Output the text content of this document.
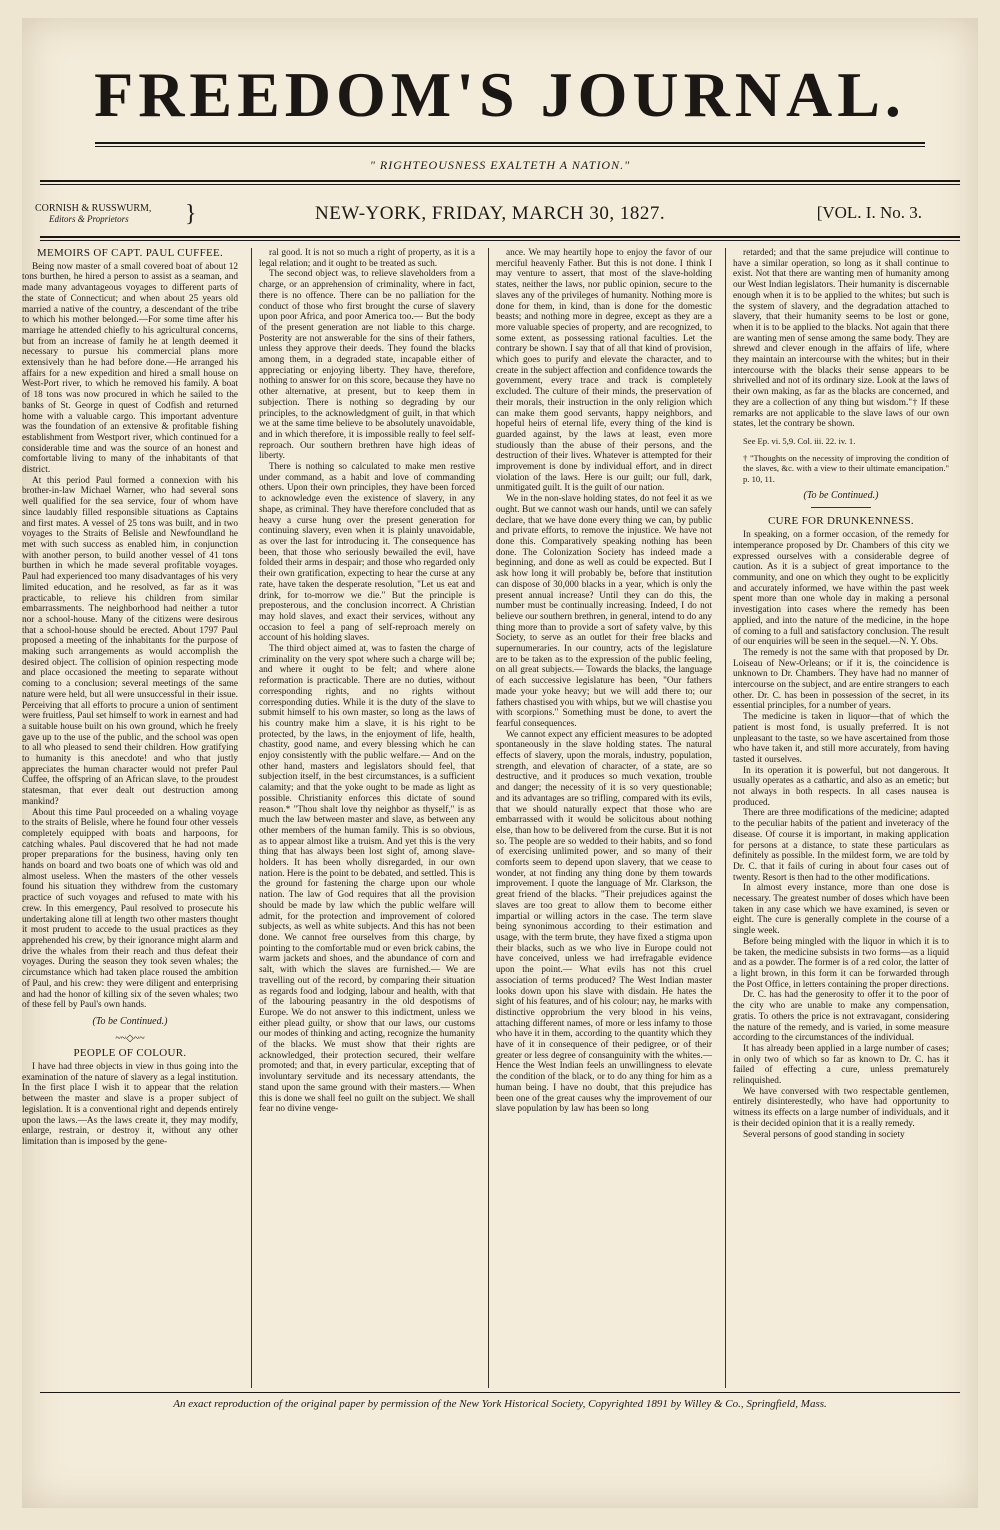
FREEDOM'S JOURNAL.
" RIGHTEOUSNESS EXALTETH A NATION."
CORNISH & RUSSWURM,
Editors & Proprietors	}	NEW-YORK, FRIDAY, MARCH 30, 1827.	[VOL. I. No. 3.
MEMOIRS OF CAPT. PAUL CUFFEE.

Being now master of a small covered boat of about 12 tons burthen, he hired a person to assist as a seaman, and made many advantageous voyages to different parts of the state of Connecticut; and when about 25 years old married a native of the country, a descendant of the tribe to which his mother belonged.—For some time after his marriage he attended chiefly to his agricultural concerns, but from an increase of family he at length deemed it necessary to pursue his commercial plans more extensively than he had before done.—He arranged his affairs for a new expedition and hired a small house on West-Port river, to which he removed his family. A boat of 18 tons was now procured in which he sailed to the banks of St. George in quest of Codfish and returned home with a valuable cargo. This important adventure was the foundation of an extensive & profitable fishing establishment from Westport river, which continued for a considerable time and was the source of an honest and comfortable living to many of the inhabitants of that district.

At this period Paul formed a connexion with his brother-in-law Michael Warner, who had several sons well qualified for the sea service, four of whom have since laudably filled responsible situations as Captains and first mates. A vessel of 25 tons was built, and in two voyages to the Straits of Belisle and Newfoundland he met with such success as enabled him, in conjunction with another person, to build another vessel of 41 tons burthen in which he made several profitable voyages. Paul had experienced too many disadvantages of his very limited education, and he resolved, as far as it was practicable, to relieve his children from similar embarrassments. The neighborhood had neither a tutor nor a school-house. Many of the citizens were desirous that a school-house should be erected. About 1797 Paul proposed a meeting of the inhabitants for the purpose of making such arrangements as would accomplish the desired object. The collision of opinion respecting mode and place occasioned the meeting to separate without coming to a conclusion; several meetings of the same nature were held, but all were unsuccessful in their issue. Perceiving that all efforts to procure a union of sentiment were fruitless, Paul set himself to work in earnest and had a suitable house built on his own ground, which he freely gave up to the use of the public, and the school was open to all who pleased to send their children. How gratifying to humanity is this anecdote! and who that justly appreciates the human character would not prefer Paul Cuffee, the offspring of an African slave, to the proudest statesman, that ever dealt out destruction among mankind?

About this time Paul proceeded on a whaling voyage to the straits of Belisle, where he found four other vessels completely equipped with boats and harpoons, for catching whales. Paul discovered that he had not made proper preparations for the business, having only ten hands on board and two boats one of which was old and almost useless. When the masters of the other vessels found his situation they withdrew from the customary practice of such voyages and refused to mate with his crew. In this emergency, Paul resolved to prosecute his undertaking alone till at length two other masters thought it most prudent to accede to the usual practices as they apprehended his crew, by their ignorance might alarm and drive the whales from their reach and thus defeat their voyages. During the season they took seven whales; the circumstance which had taken place roused the ambition of Paul, and his crew: they were diligent and enterprising and had the honor of killing six of the seven whales; two of these fell by Paul's own hands.

(To be Continued.)
~~◇~~
PEOPLE OF COLOUR.

I have had three objects in view in thus going into the examination of the nature of slavery as a legal institution. In the first place I wish it to appear that the relation between the master and slave is a proper subject of legislation. It is a conventional right and depends entirely upon the laws.—As the laws create it, they may modify, enlarge, restrain, or destroy it, without any other limitation than is imposed by the gene-

ral good. It is not so much a right of property, as it is a legal relation; and it ought to be treated as such.

The second object was, to relieve slaveholders from a charge, or an apprehension of criminality, where in fact, there is no offence. There can be no palliation for the conduct of those who first brought the curse of slavery upon poor Africa, and poor America too.— But the body of the present generation are not liable to this charge. Posterity are not answerable for the sins of their fathers, unless they approve their deeds. They found the blacks among them, in a degraded state, incapable either of appreciating or enjoying liberty. They have, therefore, nothing to answer for on this score, because they have no other alternative, at present, but to keep them in subjection. There is nothing so degrading by our principles, to the acknowledgment of guilt, in that which we at the same time believe to be absolutely unavoidable, and in which therefore, it is impossible really to feel self-reproach. Our southern brethren have high ideas of liberty.

There is nothing so calculated to make men restive under command, as a habit and love of commanding others. Upon their own principles, they have been forced to acknowledge even the existence of slavery, in any shape, as criminal. They have therefore concluded that as heavy a curse hung over the present generation for continuing slavery, even when it is plainly unavoidable, as over the last for introducing it. The consequence has been, that those who seriously bewailed the evil, have folded their arms in despair; and those who regarded only their own gratification, expecting to hear the curse at any rate, have taken the desperate resolution, "Let us eat and drink, for to-morrow we die." But the principle is preposterous, and the conclusion incorrect. A Christian may hold slaves, and exact their services, without any occasion to feel a pang of self-reproach merely on account of his holding slaves.

The third object aimed at, was to fasten the charge of criminality on the very spot where such a charge will be; and where it ought to be felt; and where alone reformation is practicable. There are no duties, without corresponding rights, and no rights without corresponding duties. While it is the duty of the slave to submit himself to his own master, so long as the laws of his country make him a slave, it is his right to be protected, by the laws, in the enjoyment of life, health, chastity, good name, and every blessing which he can enjoy consistently with the public welfare.— And on the other hand, masters and legislators should feel, that subjection itself, in the best circumstances, is a sufficient calamity; and that the yoke ought to be made as light as possible. Christianity enforces this dictate of sound reason.* "Thou shalt love thy neighbor as thyself," is as much the law between master and slave, as between any other members of the human family. This is so obvious, as to appear almost like a truism. And yet this is the very thing that has always been lost sight of, among slave-holders. It has been wholly disregarded, in our own nation. Here is the point to be debated, and settled. This is the ground for fastening the charge upon our whole nation. The law of God requires that all the provision should be made by law which the public welfare will admit, for the protection and improvement of colored subjects, as well as white subjects. And this has not been done. We cannot free ourselves from this charge, by pointing to the comfortable mud or even brick cabins, the warm jackets and shoes, and the abundance of corn and salt, with which the slaves are furnished.— We are travelling out of the record, by comparing their situation as regards food and lodging, labour and health, with that of the labouring peasantry in the old despotisms of Europe. We do not answer to this indictment, unless we either plead guilty, or show that our laws, our customs our modes of thinking and acting, recognize the humanity of the blacks. We must show that their rights are acknowledged, their protection secured, their welfare promoted; and that, in every particular, excepting that of involuntary servitude and its necessary attendants, the stand upon the same ground with their masters.— When this is done we shall feel no guilt on the subject. We shall fear no divine venge-

ance. We may heartily hope to enjoy the favor of our merciful heavenly Father. But this is not done. I think I may venture to assert, that most of the slave-holding states, neither the laws, nor public opinion, secure to the slaves any of the privileges of humanity. Nothing more is done for them, in kind, than is done for the domestic beasts; and nothing more in degree, except as they are a more valuable species of property, and are recognized, to some extent, as possessing rational faculties. Let the contrary be shown. I say that of all that kind of provision, which goes to purify and elevate the character, and to create in the subject affection and confidence towards the government, every trace and track is completely excluded. The culture of their minds, the preservation of their morals, their instruction in the only religion which can make them good servants, happy neighbors, and hopeful heirs of eternal life, every thing of the kind is guarded against, by the laws at least, even more studiously than the abuse of their persons, and the destruction of their lives. Whatever is attempted for their improvement is done by individual effort, and in direct violation of the laws. Here is our guilt; our full, dark, unmitigated guilt. It is the guilt of our nation.

We in the non-slave holding states, do not feel it as we ought. But we cannot wash our hands, until we can safely declare, that we have done every thing we can, by public and private efforts, to remove the injustice. We have not done this. Comparatively speaking nothing has been done. The Colonization Society has indeed made a beginning, and done as well as could be expected. But I ask how long it will probably be, before that institution can dispose of 30,000 blacks in a year, which is only the present annual increase? Until they can do this, the number must be continually increasing. Indeed, I do not believe our southern brethren, in general, intend to do any thing more than to provide a sort of safety valve, by this Society, to serve as an outlet for their free blacks and supernumeraries. In our country, acts of the legislature are to be taken as to the expression of the public feeling, on all great subjects.— Towards the blacks, the language of each successive legislature has been, "Our fathers made your yoke heavy; but we will add there to; our fathers chastised you with whips, but we will chastise you with scorpions." Something must be done, to avert the fearful consequences.

We cannot expect any efficient measures to be adopted spontaneously in the slave holding states. The natural effects of slavery, upon the morals, industry, population, strength, and elevation of character, of a state, are so destructive, and it produces so much vexation, trouble and danger; the necessity of it is so very questionable; and its advantages are so trifling, compared with its evils, that we should naturally expect that those who are embarrassed with it would be solicitous about nothing else, than how to be delivered from the curse. But it is not so. The people are so wedded to their habits, and so fond of exercising unlimited power, and so many of their comforts seem to depend upon slavery, that we cease to wonder, at not finding any thing done by them towards improvement. I quote the language of Mr. Clarkson, the great friend of the blacks. "Their prejudices against the slaves are too great to allow them to become either impartial or willing actors in the case. The term slave being synonimous according to their estimation and usage, with the term brute, they have fixed a stigma upon their blacks, such as we who live in Europe could not have conceived, unless we had irrefragable evidence upon the point.— What evils has not this cruel association of terms produced? The West Indian master looks down upon his slave with disdain. He hates the sight of his features, and of his colour; nay, he marks with distinctive opprobrium the very blood in his veins, attaching different names, of more or less infamy to those who have it in them, according to the quantity which they have of it in consequence of their pedigree, or of their greater or less degree of consanguinity with the whites.— Hence the West Indian feels an unwillingness to elevate the condition of the black, or to do any thing for him as a human being. I have no doubt, that this prejudice has been one of the great causes why the improvement of our slave population by law has been so long

retarded; and that the same prejudice will continue to have a similar operation, so long as it shall continue to exist. Not that there are wanting men of humanity among our West Indian legislators. Their humanity is discernable enough when it is to be applied to the whites; but such is the system of slavery, and the degradation attached to slavery, that their humanity seems to be lost or gone, when it is to be applied to the blacks. Not again that there are wanting men of sense among the same body. They are shrewd and clever enough in the affairs of life, where they maintain an intercourse with the whites; but in their intercourse with the blacks their sense appears to be shrivelled and not of its ordinary size. Look at the laws of their own making, as far as the blacks are concerned, and they are a collection of any thing but wisdom."† If these remarks are not applicable to the slave laws of our own states, let the contrary be shown.

See Ep. vi. 5,9. Col. iii. 22. iv. 1.
† "Thoughts on the necessity of improving the condition of the slaves, &c. with a view to their ultimate emancipation." p. 10, 11.
(To be Continued.)
CURE FOR DRUNKENNESS.

In speaking, on a former occasion, of the remedy for intemperance proposed by Dr. Chambers of this city we expressed ourselves with a considerable degree of caution. As it is a subject of great importance to the community, and one on which they ought to be explicitly and accurately informed, we have within the past week spent more than one whole day in making a personal investigation into cases where the remedy has been applied, and into the nature of the medicine, in the hope of coming to a full and satisfactory conclusion. The result of our enquiries will be seen in the sequel.—N. Y. Obs.

The remedy is not the same with that proposed by Dr. Loiseau of New-Orleans; or if it is, the coincidence is unknown to Dr. Chambers. They have had no manner of intercourse on the subject, and are entire strangers to each other. Dr. C. has been in possession of the secret, in its essential principles, for a number of years.

The medicine is taken in liquor—that of which the patient is most fond, is usually preferred. It is not unpleasant to the taste, so we have ascertained from those who have taken it, and still more accurately, from having tasted it ourselves.

In its operation it is powerful, but not dangerous. It usually operates as a cathartic, and also as an emetic; but not always in both respects. In all cases nausea is produced.

There are three modifications of the medicine; adapted to the peculiar habits of the patient and inveteracy of the disease. Of course it is important, in making application for persons at a distance, to state these particulars as definitely as possible. In the mildest form, we are told by Dr. C. that it fails of curing in about four cases out of twenty. Resort is then had to the other modifications.

In almost every instance, more than one dose is necessary. The greatest number of doses which have been taken in any case which we have examined, is seven or eight. The cure is generally complete in the course of a single week.

Before being mingled with the liquor in which it is to be taken, the medicine subsists in two forms—as a liquid and as a powder. The former is of a red color, the latter of a light brown, in this form it can be forwarded through the Post Office, in letters containing the proper directions.

Dr. C. has had the generosity to offer it to the poor of the city who are unable to make any compensation, gratis. To others the price is not extravagant, considering the nature of the remedy, and is varied, in some measure according to the circumstances of the individual.

It has already been applied in a large number of cases; in only two of which so far as known to Dr. C. has it failed of effecting a cure, unless prematurely relinquished.

We have conversed with two respectable gentlemen, entirely disinterestedly, who have had opportunity to witness its effects on a large number of individuals, and it is their decided opinion that it is a really remedy.

Several persons of good standing in society

An exact reproduction of the original paper by permission of the New York Historical Society, Copyrighted 1891 by Willey & Co., Springfield, Mass.
